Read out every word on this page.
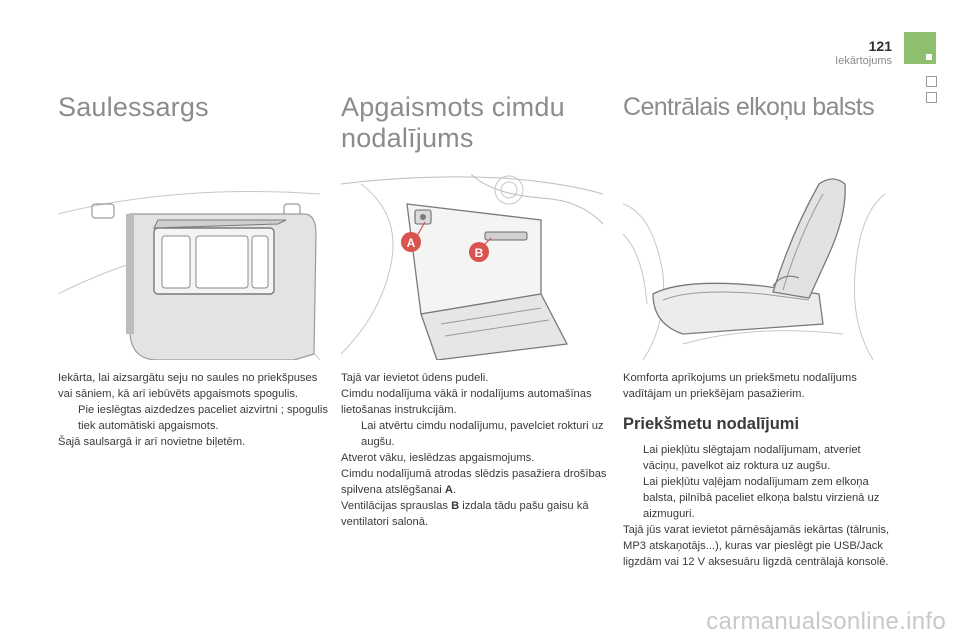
121
Iekārtojums
Saulessargs

Iekārta, lai aizsargātu seju no saules no priekšpuses vai sāniem, kā arī iebūvēts apgaismots spogulis.

Pie ieslēgtas aizdedzes paceliet aizvirtni ; spogulis tiek automātiski apgaismots.

Šajā saulsargā ir arī novietne biļetēm.

Apgaismots cimdu
nodalījums
A
B

Tajā var ievietot ūdens pudeli.

Cimdu nodalījuma vākā ir nodalījums automašīnas lietošanas instrukcijām.

Lai atvērtu cimdu nodalījumu, pavelciet rokturi uz augšu.

Atverot vāku, ieslēdzas apgaismojums.

Cimdu nodalījumā atrodas slēdzis pasažiera drošības spilvena atslēgšanai A.

Ventilācijas sprauslas B izdala tādu pašu gaisu kā ventilatori salonā.

Centrālais elkoņu balsts

Komforta aprīkojums un priekšmetu nodalījums vadītājam un priekšējam pasažierim.

Priekšmetu nodalījumi
Lai piekļūtu slēgtajam nodalījumam, atveriet vāciņu, pavelkot aiz roktura uz augšu.
Lai piekļūtu vaļējam nodalījumam zem elkoņa balsta, pilnībā paceliet elkoņa balstu virzienā uz aizmuguri.

Tajā jūs varat ievietot pārnēsājamās iekārtas (tālrunis, MP3 atskaņotājs...), kuras var pieslēgt pie USB/Jack ligzdām vai 12 V aksesuāru ligzdā centrālajā konsolē.

carmanualsonline.info
